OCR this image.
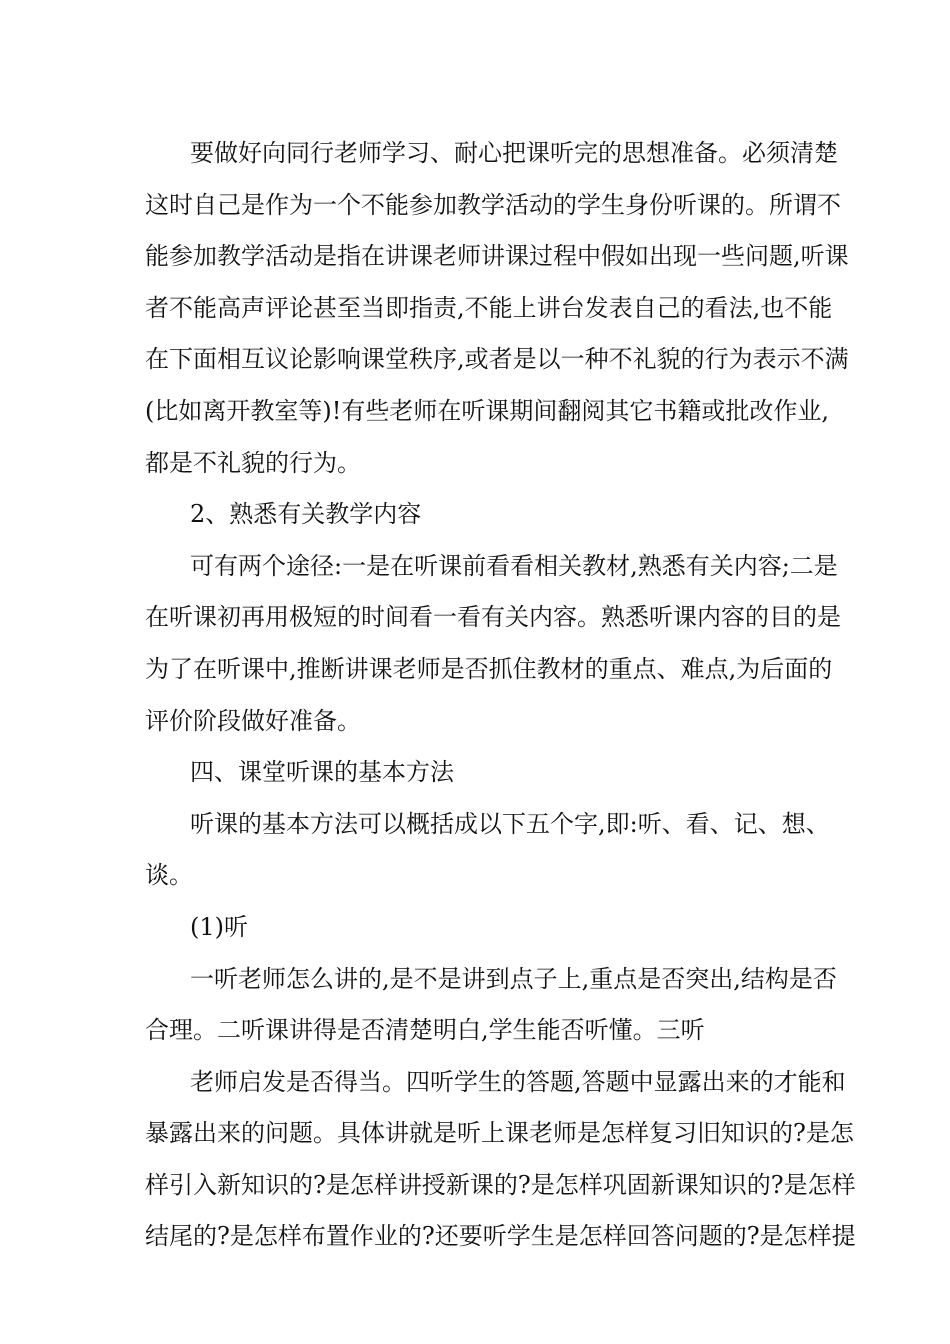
要做好向同行老师学习、耐心把课听完的思想准备。必须清楚
这时自己是作为一个不能参加教学活动的学生身份听课的。所谓不
能参加教学活动是指在讲课老师讲课过程中假如出现一些问题,听课
者不能高声评论甚至当即指责,不能上讲台发表自己的看法,也不能
在下面相互议论影响课堂秩序,或者是以一种不礼貌的行为表示不满
(比如离开教室等)!有些老师在听课期间翻阅其它书籍或批改作业,
都是不礼貌的行为。
2、熟悉有关教学内容
可有两个途径:一是在听课前看看相关教材,熟悉有关内容;二是
在听课初再用极短的时间看一看有关内容。熟悉听课内容的目的是
为了在听课中,推断讲课老师是否抓住教材的重点、难点,为后面的
评价阶段做好准备。
四、课堂听课的基本方法
听课的基本方法可以概括成以下五个字,即:听、看、记、想、
谈。
(1)听
一听老师怎么讲的,是不是讲到点子上,重点是否突出,结构是否
合理。二听课讲得是否清楚明白,学生能否听懂。三听
老师启发是否得当。四听学生的答题,答题中显露出来的才能和
暴露出来的问题。具体讲就是听上课老师是怎样复习旧知识的?是怎
样引入新知识的?是怎样讲授新课的?是怎样巩固新课知识的?是怎样
结尾的?是怎样布置作业的?还要听学生是怎样回答问题的?是怎样提
